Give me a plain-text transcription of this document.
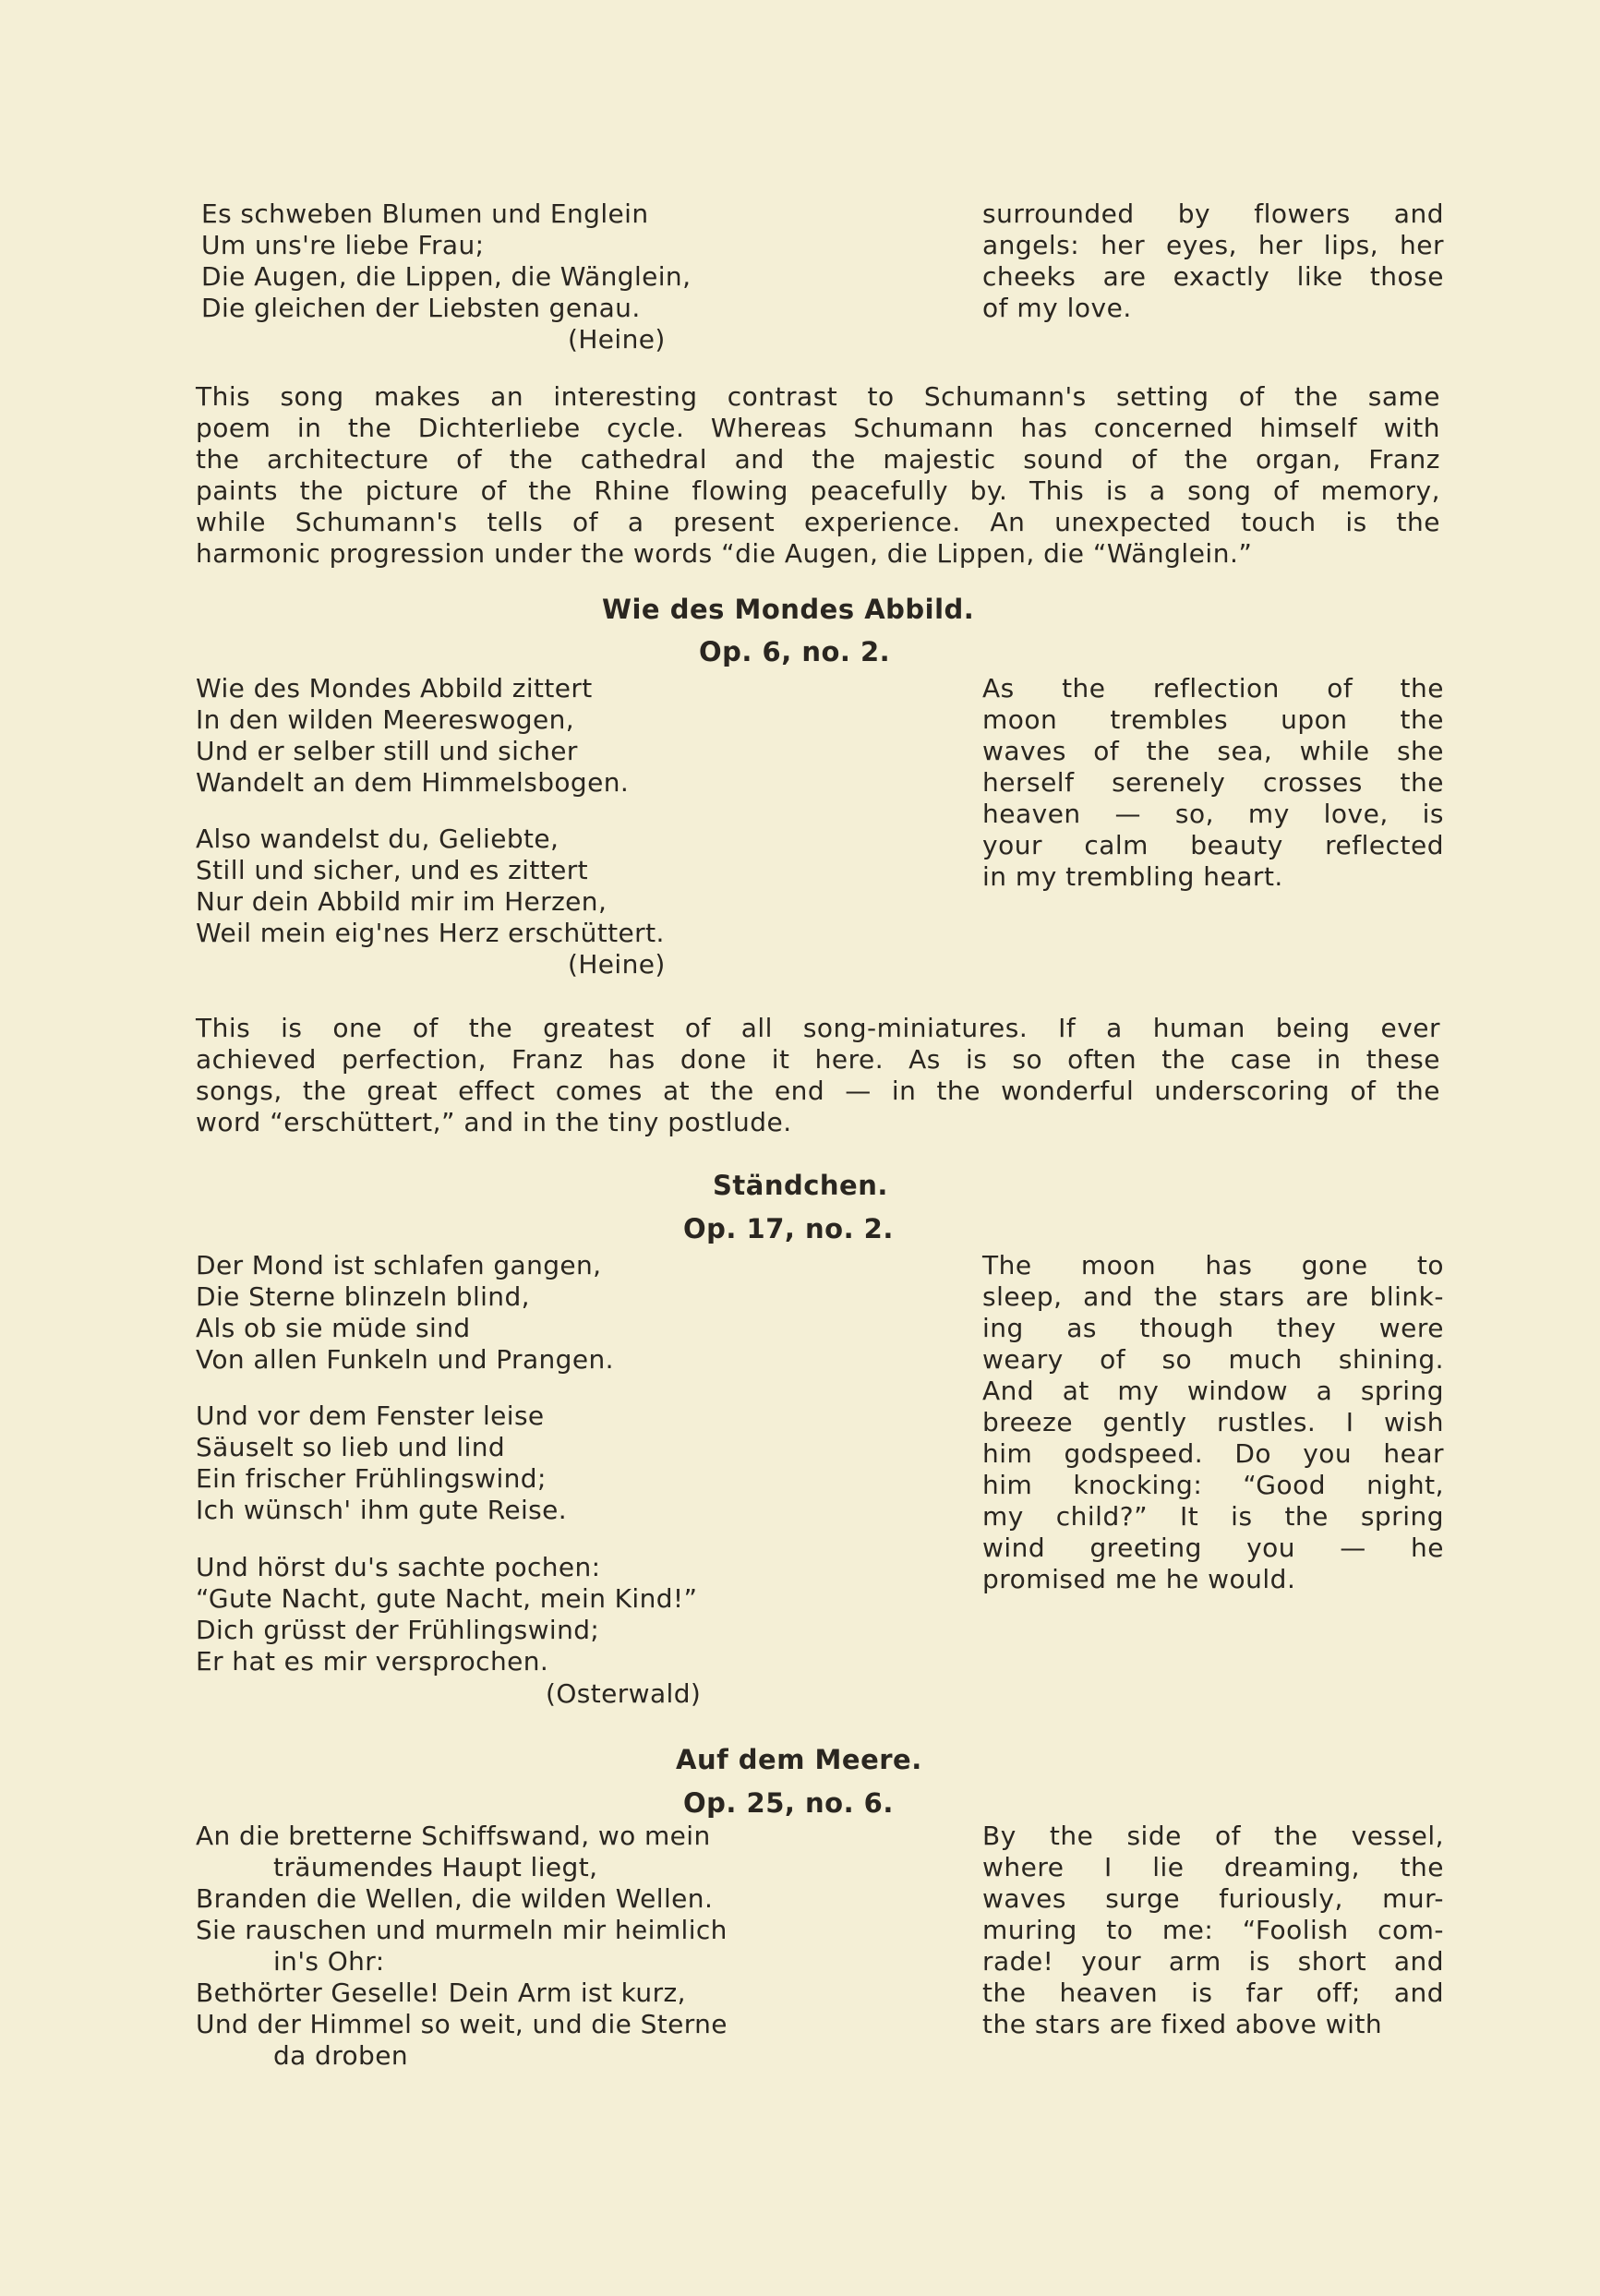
Es schweben Blumen und Englein
Um uns're liebe Frau;
Die Augen, die Lippen, die Wänglein,
Die gleichen der Liebsten genau.
(Heine)
surrounded by flowers and
angels: her eyes, her lips, her
cheeks are exactly like those
of my love.
This song makes an interesting contrast to Schumann's setting of the same
poem in the Dichterliebe cycle. Whereas Schumann has concerned himself with
the architecture of the cathedral and the majestic sound of the organ, Franz
paints the picture of the Rhine flowing peacefully by. This is a song of memory,
while Schumann's tells of a present experience. An unexpected touch is the
harmonic progression under the words “die Augen, die Lippen, die “Wänglein.”
Wie des Mondes Abbild.
Op. 6, no. 2.
Wie des Mondes Abbild zittert
In den wilden Meereswogen,
Und er selber still und sicher
Wandelt an dem Himmelsbogen.
Also wandelst du, Geliebte,
Still und sicher, und es zittert
Nur dein Abbild mir im Herzen,
Weil mein eig'nes Herz erschüttert.
(Heine)
As the reflection of the
moon trembles upon the
waves of the sea, while she
herself serenely crosses the
heaven — so, my love, is
your calm beauty reflected
in my trembling heart.
This is one of the greatest of all song-miniatures. If a human being ever
achieved perfection, Franz has done it here. As is so often the case in these
songs, the great effect comes at the end — in the wonderful underscoring of the
word “erschüttert,” and in the tiny postlude.
Ständchen.
Op. 17, no. 2.
Der Mond ist schlafen gangen,
Die Sterne blinzeln blind,
Als ob sie müde sind
Von allen Funkeln und Prangen.
Und vor dem Fenster leise
Säuselt so lieb und lind
Ein frischer Frühlingswind;
Ich wünsch' ihm gute Reise.
Und hörst du's sachte pochen:
“Gute Nacht, gute Nacht, mein Kind!”
Dich grüsst der Frühlingswind;
Er hat es mir versprochen.
(Osterwald)
The moon has gone to
sleep, and the stars are blink-
ing as though they were
weary of so much shining.
And at my window a spring
breeze gently rustles. I wish
him godspeed. Do you hear
him knocking: “Good night,
my child?” It is the spring
wind greeting you — he
promised me he would.
Auf dem Meere.
Op. 25, no. 6.
An die bretterne Schiffswand, wo mein
träumendes Haupt liegt,
Branden die Wellen, die wilden Wellen.
Sie rauschen und murmeln mir heimlich
in's Ohr:
Bethörter Geselle! Dein Arm ist kurz,
Und der Himmel so weit, und die Sterne
da droben
By the side of the vessel,
where I lie dreaming, the
waves surge furiously, mur-
muring to me: “Foolish com-
rade! your arm is short and
the heaven is far off; and
the stars are fixed above with
